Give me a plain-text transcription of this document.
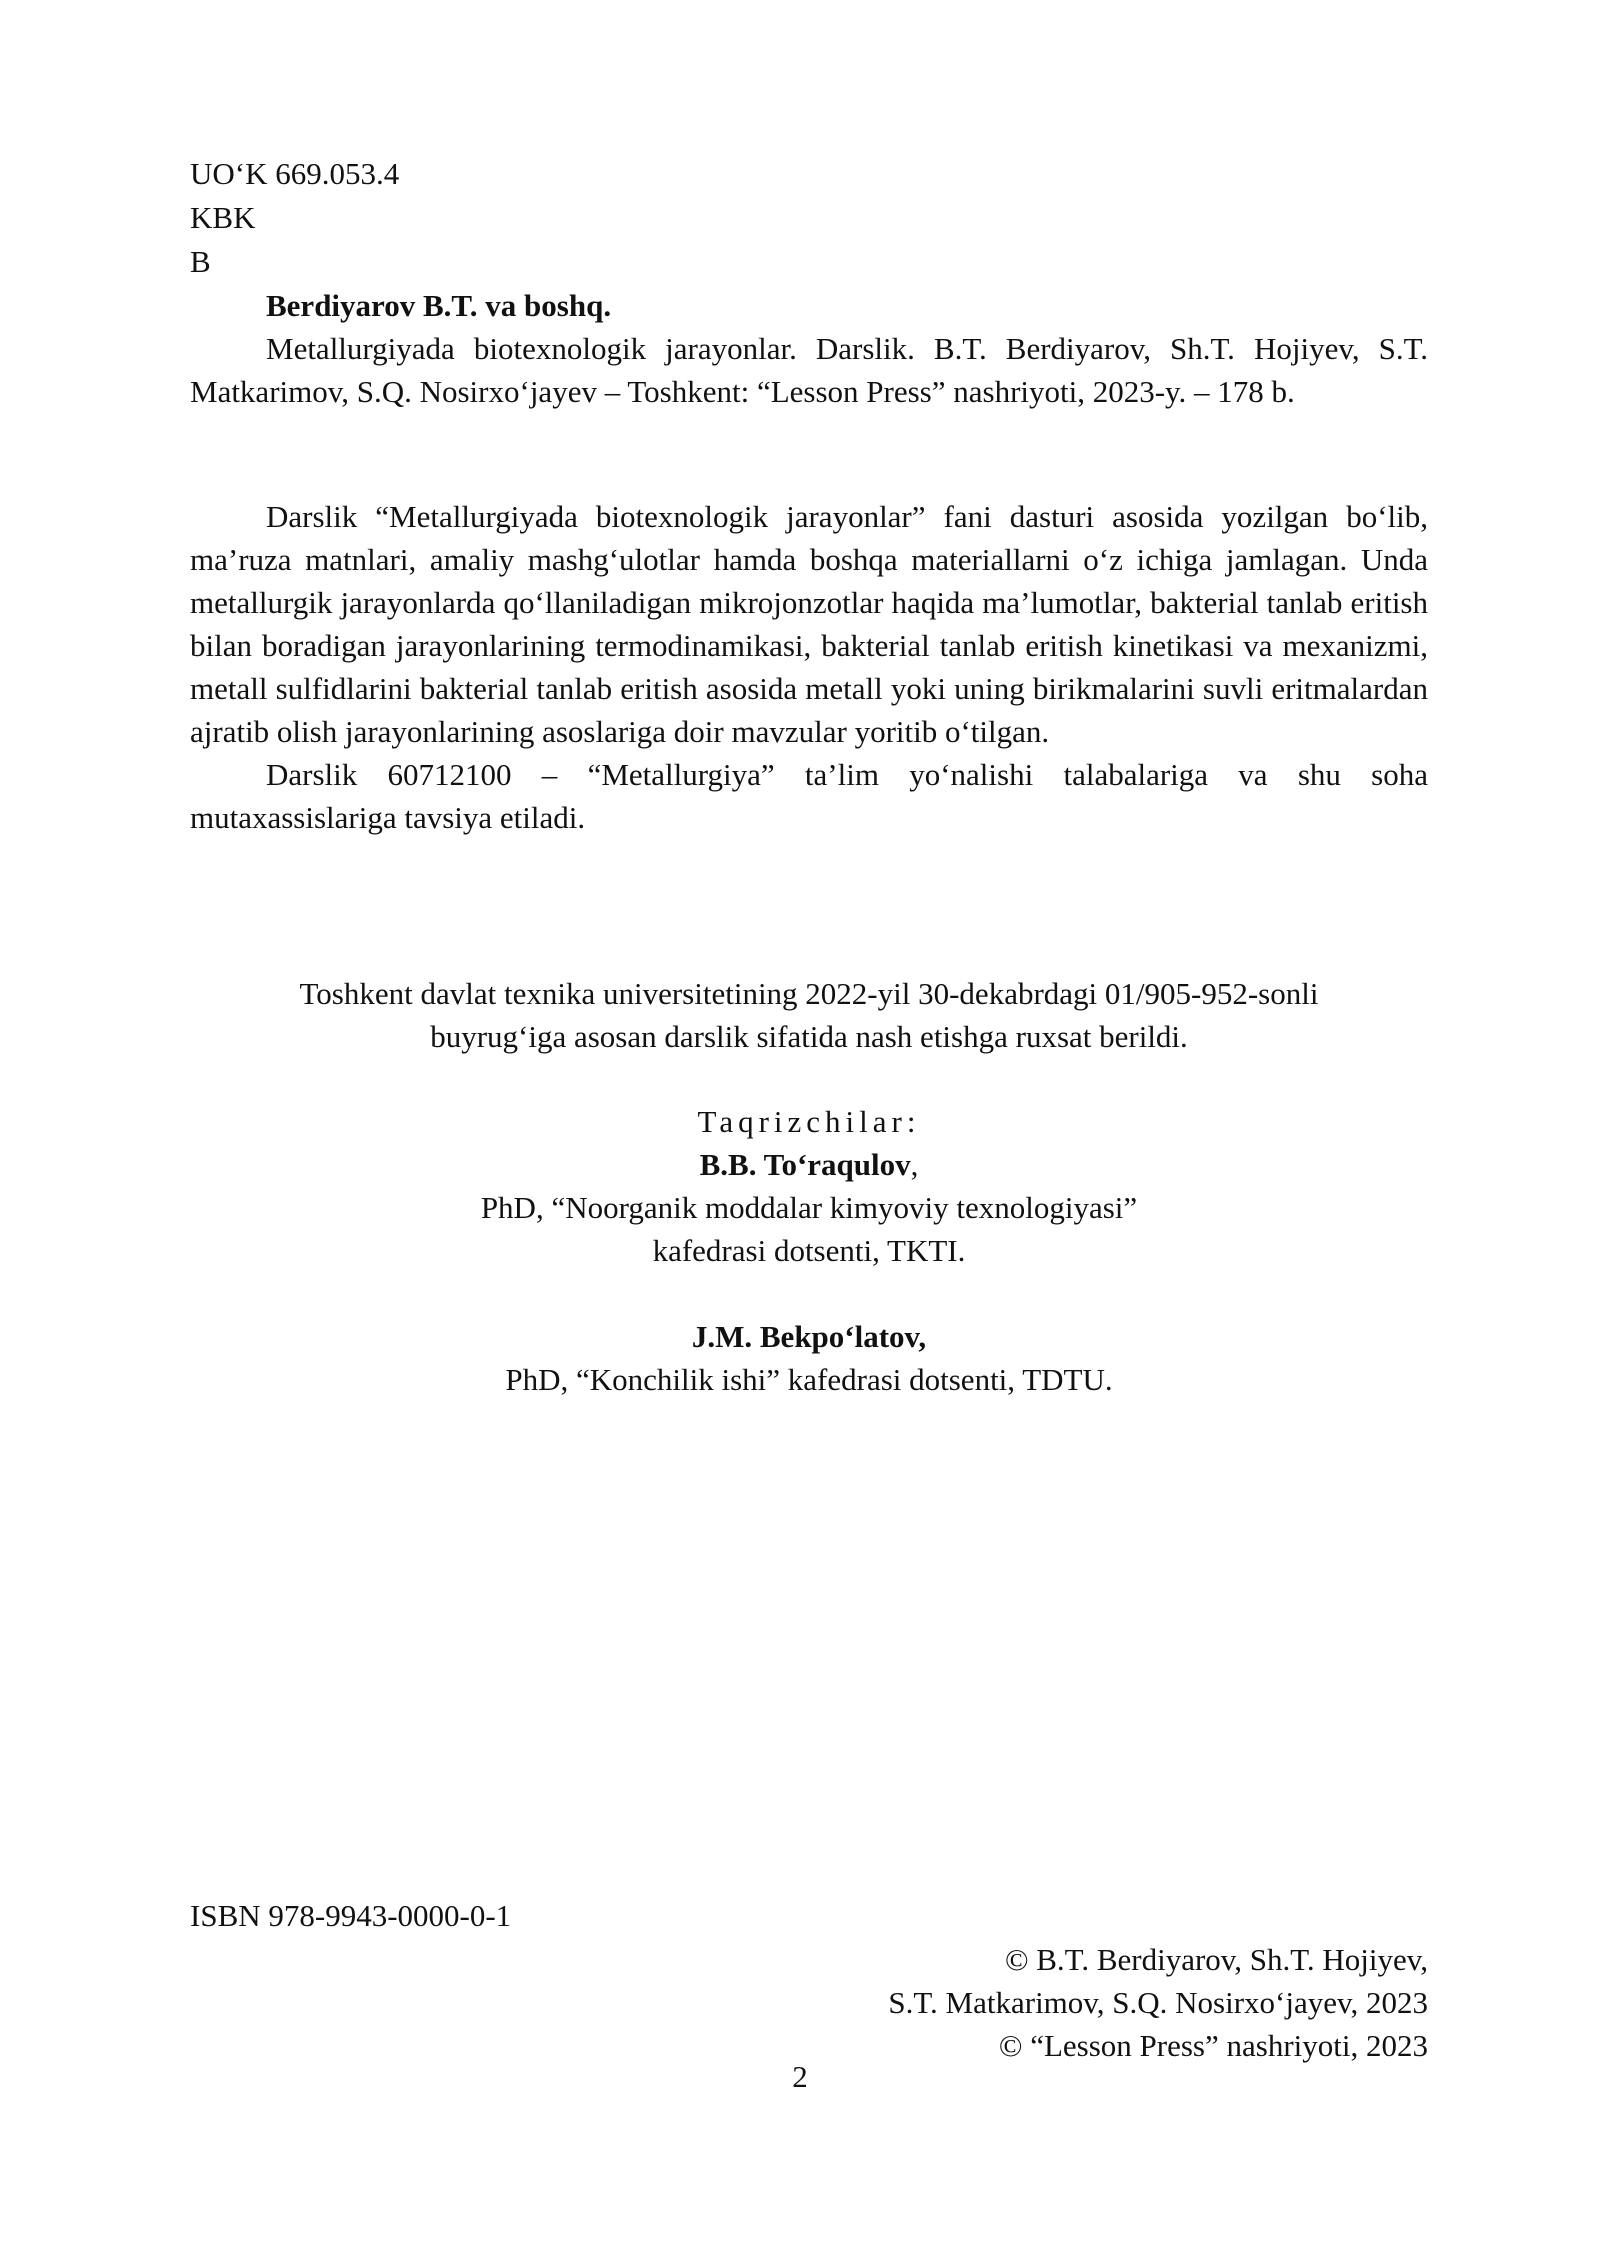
UO‘K 669.053.4
KBK
B
Berdiyarov B.T. va boshq.

Metallurgiyada biotexnologik jarayonlar. Darslik. B.T. Berdiyarov, Sh.T. Hojiyev, S.T. Matkarimov, S.Q. Nosirxo‘jayev – Toshkent: “Lesson Press” nashriyoti, 2023-y. – 178 b.

Darslik “Metallurgiyada biotexnologik jarayonlar” fani dasturi asosida yozilgan bo‘lib, ma’ruza matnlari, amaliy mashg‘ulotlar hamda boshqa materiallarni o‘z ichiga jamlagan. Unda metallurgik jarayonlarda qo‘llaniladigan mikrojonzotlar haqida ma’lumotlar, bakterial tanlab eritish bilan boradigan jarayonlarining termodinamikasi, bakterial tanlab eritish kinetikasi va mexanizmi, metall sulfidlarini bakterial tanlab eritish asosida metall yoki uning birikmalarini suvli eritmalardan ajratib olish jarayonlarining asoslariga doir mavzular yoritib o‘tilgan.

Darslik 60712100 – “Metallurgiya” ta’lim yo‘nalishi talabalariga va shu soha mutaxassislariga tavsiya etiladi.

Toshkent davlat texnika universitetining 2022-yil 30-dekabrdagi 01/905-952-sonli

buyrug‘iga asosan darslik sifatida nash etishga ruxsat berildi.

Taqrizchilar:

B.B. To‘raqulov,

PhD, “Noorganik moddalar kimyoviy texnologiyasi”

kafedrasi dotsenti, TKTI.

J.M. Bekpo‘latov,

PhD, “Konchilik ishi” kafedrasi dotsenti, TDTU.

ISBN 978-9943-0000-0-1

© B.T. Berdiyarov, Sh.T. Hojiyev,

S.T. Matkarimov, S.Q. Nosirxo‘jayev, 2023

© “Lesson Press” nashriyoti, 2023

2
